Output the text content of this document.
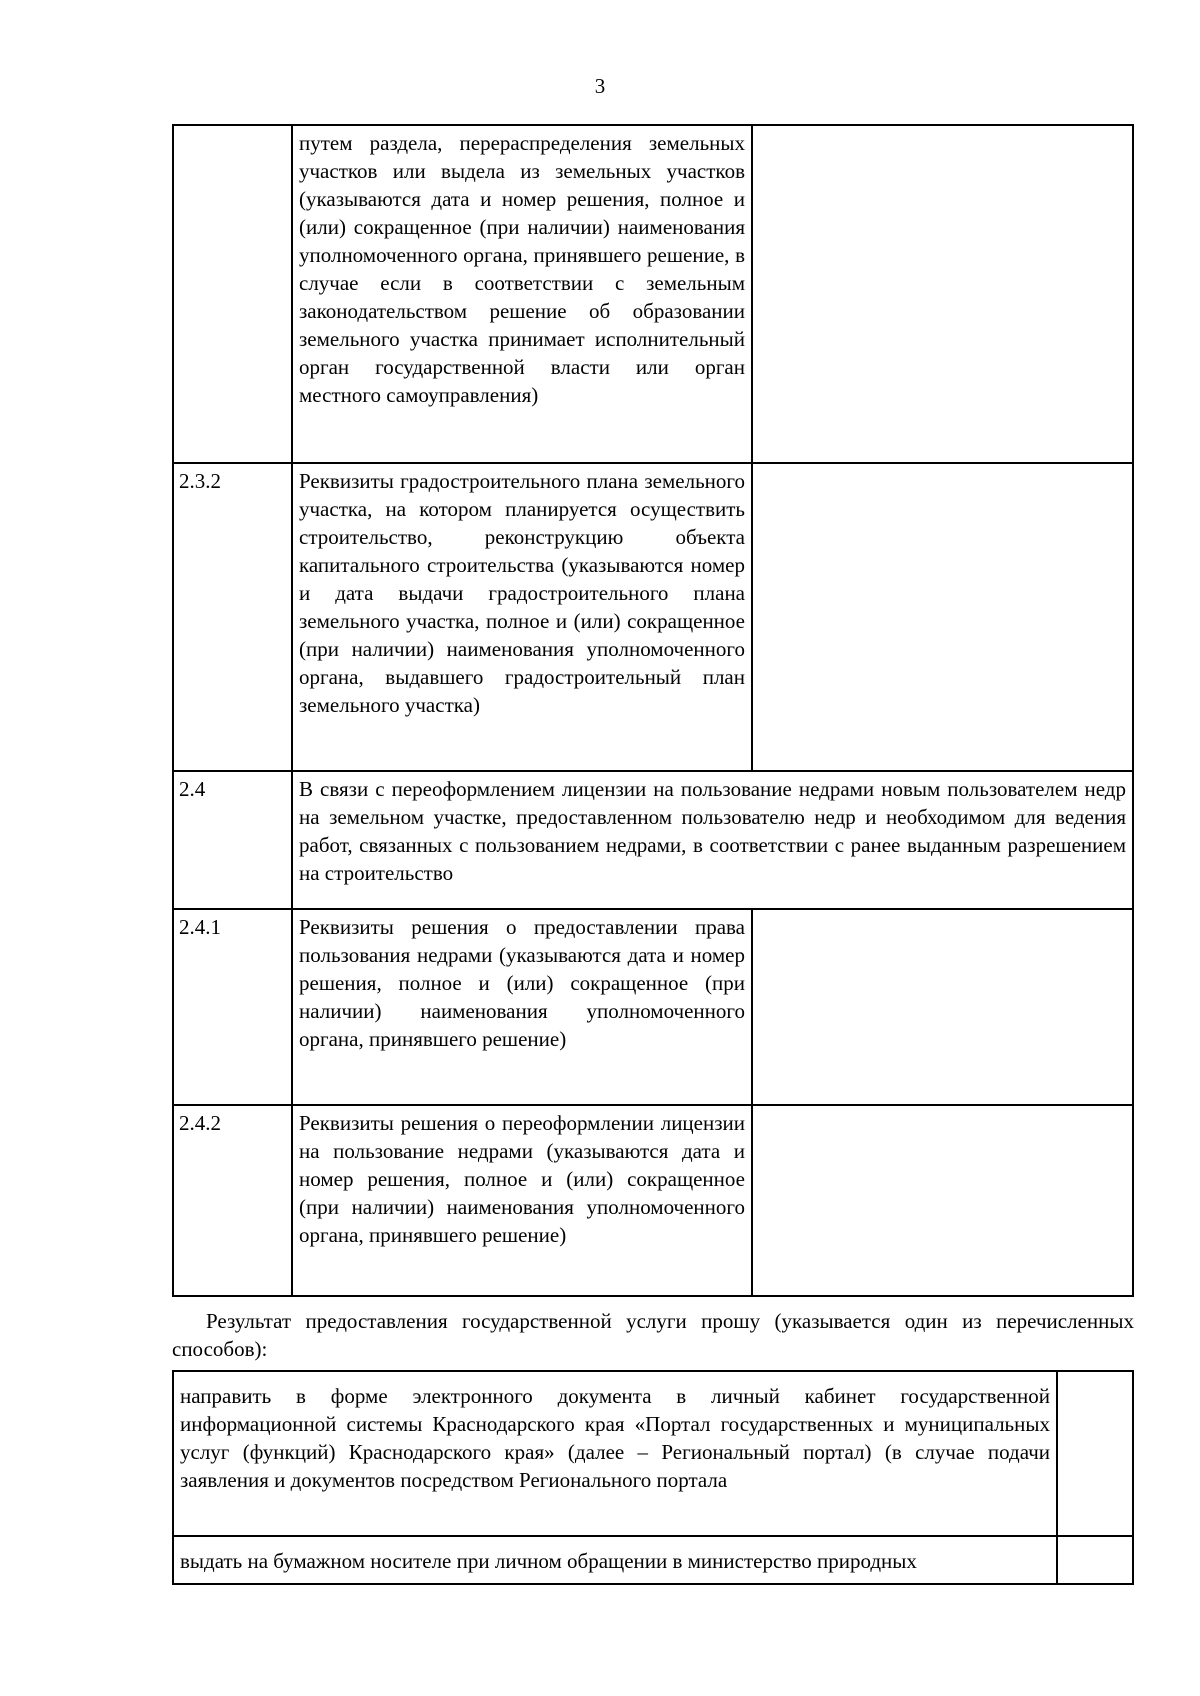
3
	путем раздела, перераспределения земельных участков или выдела из земельных участков (указываются дата и номер решения, полное и (или) сокращенное (при наличии) наименования уполномоченного органа, принявшего решение, в случае если в соответствии с земельным законодательством решение об образовании земельного участка принимает исполнительный орган государственной власти или орган местного самоуправления)	
2.3.2	Реквизиты градостроительного плана земельного участка, на котором планируется осуществить строительство, реконструкцию объекта капитального строительства (указываются номер и дата выдачи градостроительного плана земельного участка, полное и (или) сокращенное (при наличии) наименования уполномоченного органа, выдавшего градостроительный план земельного участка)	
2.4	В связи с переоформлением лицензии на пользование недрами новым пользователем недр на земельном участке, предоставленном пользователю недр и необходимом для ведения работ, связанных с пользованием недрами, в соответствии с ранее выданным разрешением на строительство	
2.4.1	Реквизиты решения о предоставлении права пользования недрами (указываются дата и номер решения, полное и (или) сокращенное (при наличии) наименования уполномоченного органа, принявшего решение)	
2.4.2	Реквизиты решения о переоформлении лицензии на пользование недрами (указываются дата и номер решения, полное и (или) сокращенное (при наличии) наименования уполномоченного органа, принявшего решение)	

Результат предоставления государственной услуги прошу (указывается один из перечисленных способов):

направить в форме электронного документа в личный кабинет государственной информационной системы Краснодарского края «Портал государственных и муниципальных услуг (функций) Краснодарского края» (далее – Региональный портал) (в случае подачи заявления и документов посредством Регионального портала	
выдать на бумажном носителе при личном обращении в министерство природных	
